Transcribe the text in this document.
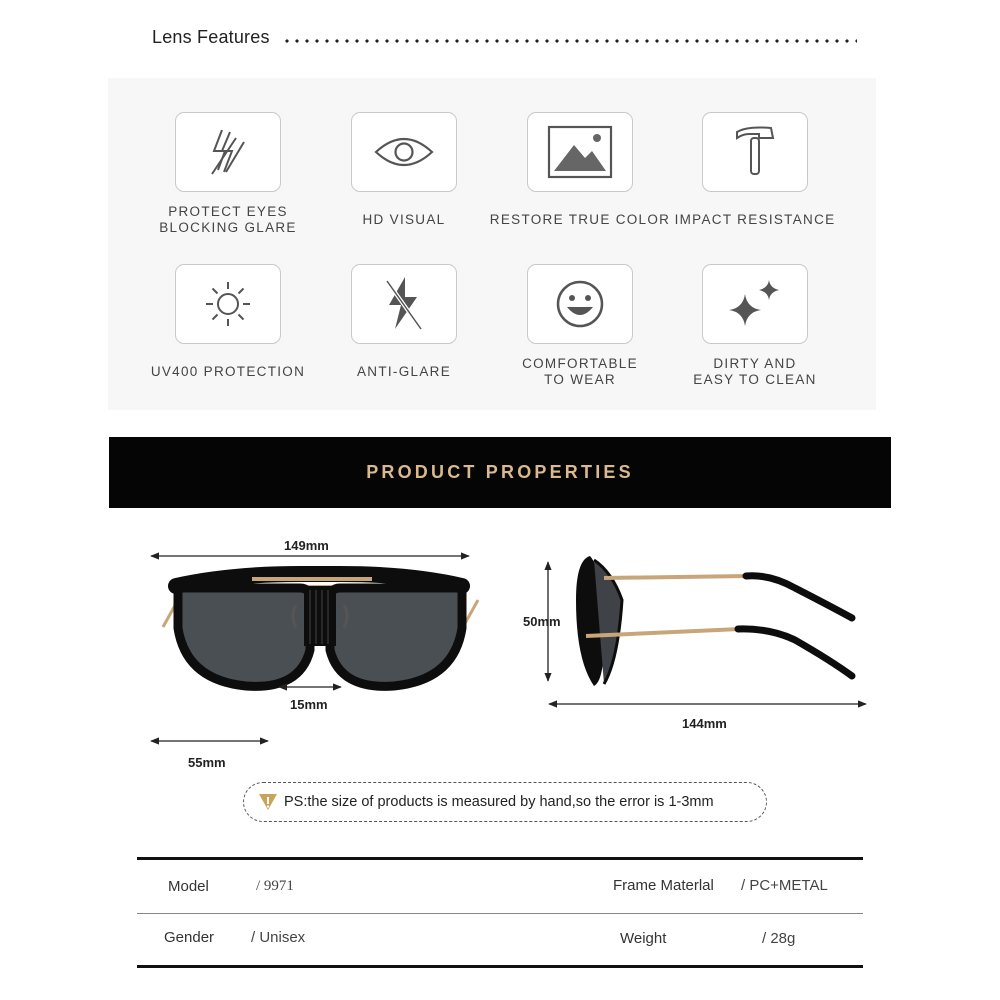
Lens Features
PROTECT EYES
BLOCKING GLARE
HD VISUAL	RESTORE TRUE COLOR IMPACT RESISTANCE
UV400 PROTECTION	ANTI-GLARE
COMFORTABLE
TO WEAR
DIRTY AND
EASY TO CLEAN
PRODUCT PROPERTIES
149mm
15mm
55mm
50mm
144mm
PS:the size of products is measured by hand,so the error is 1-3mm
Model	/ 9971	Frame Materlal / PC+METAL
Gender / Unisex	Weight	/ 28g
